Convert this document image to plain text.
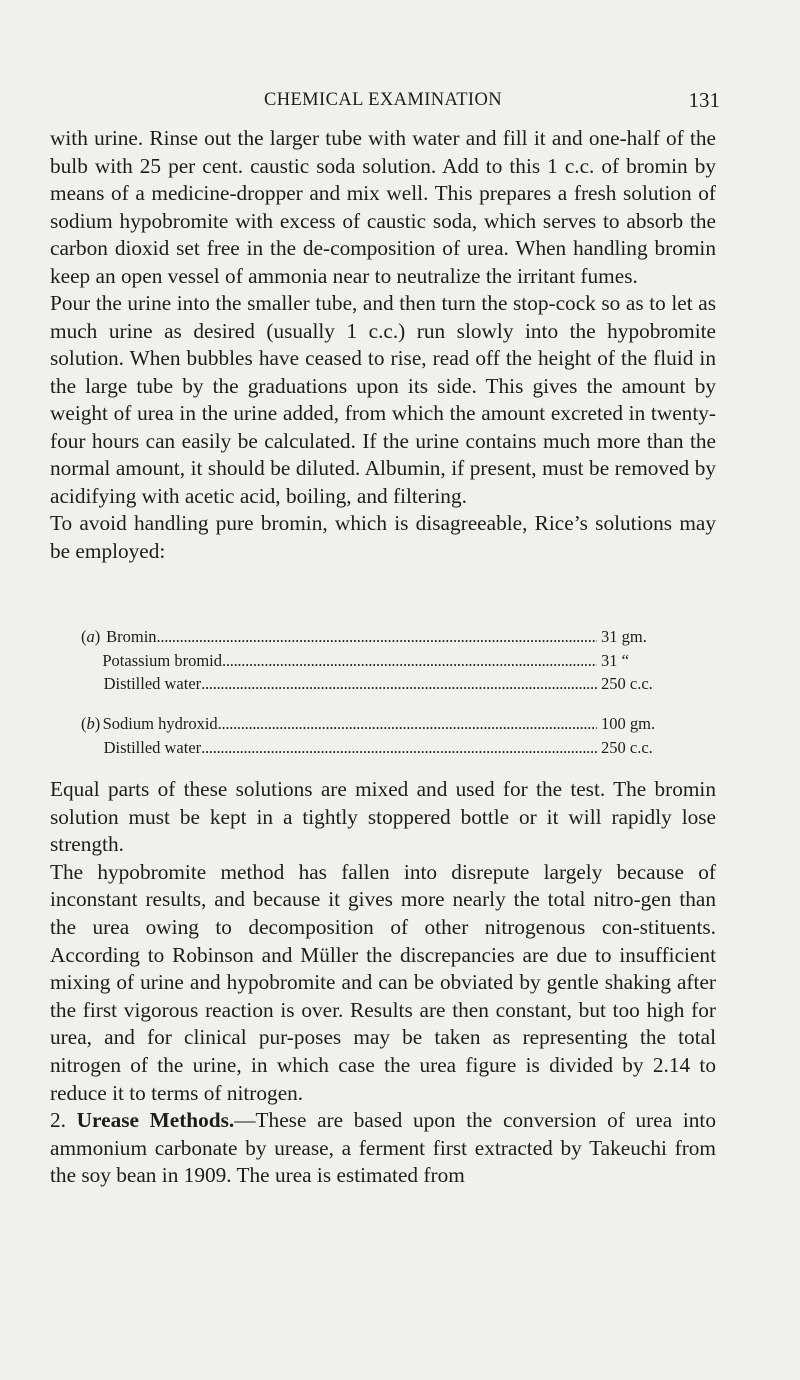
CHEMICAL EXAMINATION	131

with urine. Rinse out the larger tube with water and fill it and one-half of the bulb with 25 per cent. caustic soda solution. Add to this 1 c.c. of bromin by means of a medicine-dropper and mix well. This prepares a fresh solution of sodium hypobromite with excess of caustic soda, which serves to absorb the carbon dioxid set free in the de-composition of urea. When handling bromin keep an open vessel of ammonia near to neutralize the irritant fumes.

Pour the urine into the smaller tube, and then turn the stop-cock so as to let as much urine as desired (usually 1 c.c.) run slowly into the hypobromite solution. When bubbles have ceased to rise, read off the height of the fluid in the large tube by the graduations upon its side. This gives the amount by weight of urea in the urine added, from which the amount excreted in twenty-four hours can easily be calculated. If the urine contains much more than the normal amount, it should be diluted. Albumin, if present, must be removed by acidifying with acetic acid, boiling, and filtering.

To avoid handling pure bromin, which is disagreeable, Rice’s solutions may be employed:

(a) Bromin . . .	31 gm.
Potassium bromid . . .	31 “
Distilled water . . .	250 c.c.
(b) Sodium hydroxid . . .	100 gm.
Distilled water . . .	250 c.c.

Equal parts of these solutions are mixed and used for the test. The bromin solution must be kept in a tightly stoppered bottle or it will rapidly lose strength.

The hypobromite method has fallen into disrepute largely because of inconstant results, and because it gives more nearly the total nitro-gen than the urea owing to decomposition of other nitrogenous con-stituents. According to Robinson and Müller the discrepancies are due to insufficient mixing of urine and hypobromite and can be obviated by gentle shaking after the first vigorous reaction is over. Results are then constant, but too high for urea, and for clinical pur-poses may be taken as representing the total nitrogen of the urine, in which case the urea figure is divided by 2.14 to reduce it to terms of nitrogen.

2. Urease Methods.—These are based upon the conversion of urea into ammonium carbonate by urease, a ferment first extracted by Takeuchi from the soy bean in 1909. The urea is estimated from
